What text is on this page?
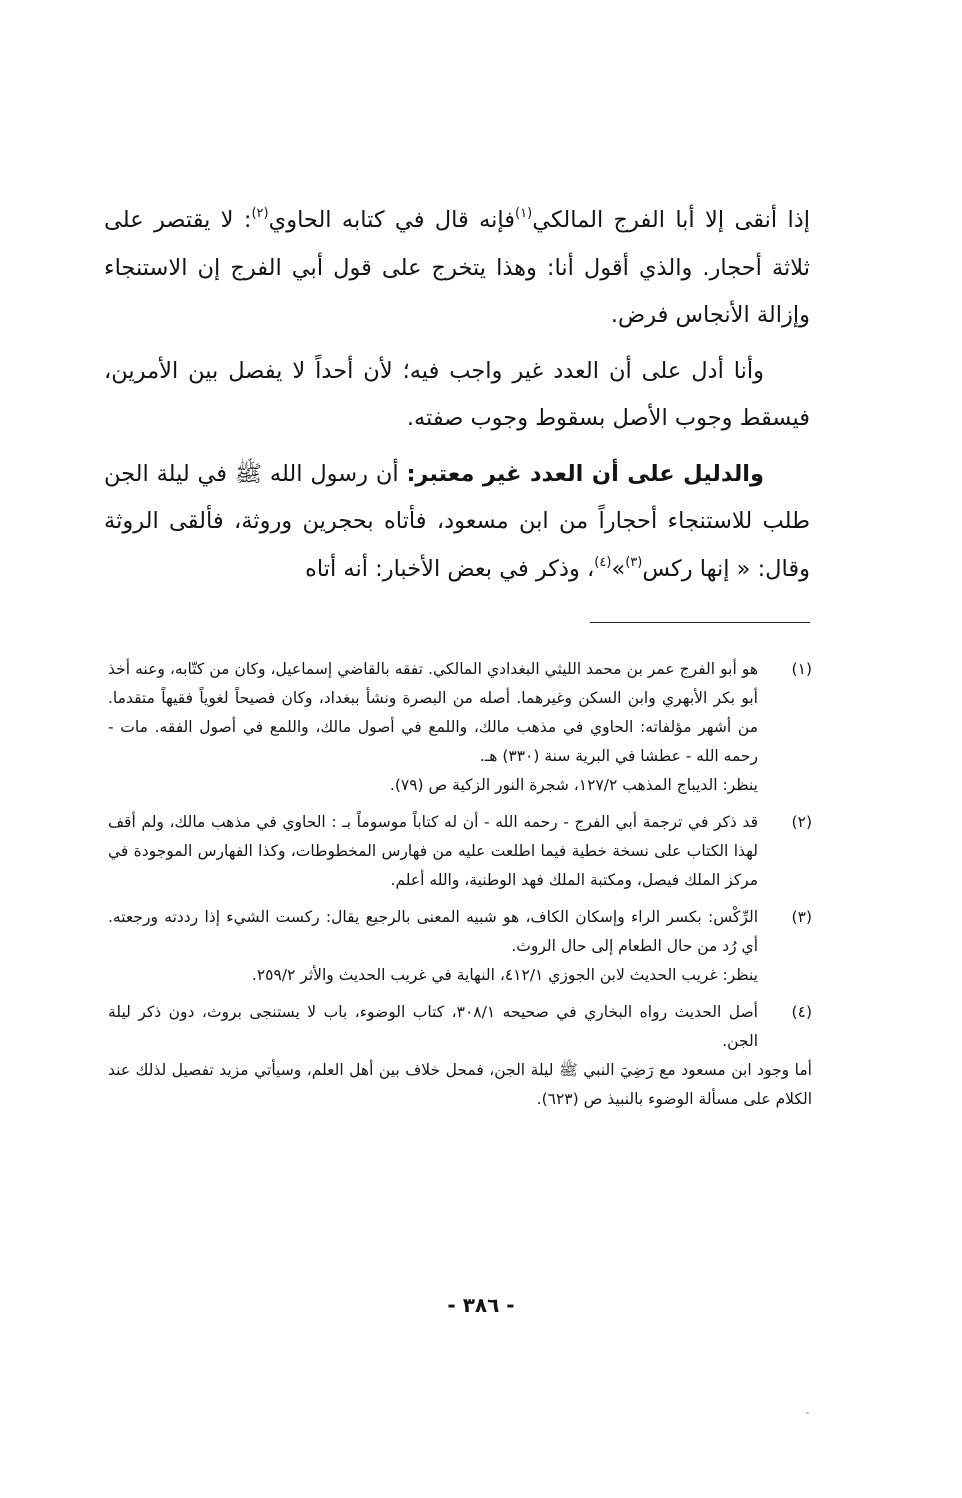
إذا أنقى إلا أبا الفرج المالكي$^{(١)}$فإنه قال في كتابه الحاوي$^{(٢)}$: لا يقتصر على ثلاثة أحجار. والذي أقول أنا: وهذا يتخرج على قول أبي الفرج إن الاستنجاء وإزالة الأنجاس فرض.

وأنا أدل على أن العدد غير واجب فيه؛ لأن أحداً لا يفصل بين الأمرين، فيسقط وجوب الأصل بسقوط وجوب صفته.

والدليل على أن العدد غير معتبر: أن رسول الله ﷺ في ليلة الجن طلب للاستنجاء أحجاراً من ابن مسعود، فأتاه بحجرين وروثة، فألقى الروثة وقال: « إنها ركس$^{(٣)}$»$^{(٤)}$، وذكر في بعض الأخبار: أنه أتاه

(١)

هو أبو الفرج عمر بن محمد الليثي البغدادي المالكي. تفقه بالقاضي إسماعيل، وكان من كتّابه، وعنه أخذ أبو بكر الأبهري وابن السكن وغيرهما. أصله من البصرة ونشأ ببغداد، وكان فصيحاً لغوياً فقيهاً متقدما. من أشهر مؤلفاته: الحاوي في مذهب مالك، واللمع في أصول مالك، واللمع في أصول الفقه. مات - رحمه الله - عطشا في البرية سنة (٣٣٠) هـ.

ينظر: الديباج المذهب ١٢٧/٢، شجرة النور الزكية ص (٧٩).

(٢)

قد ذكر في ترجمة أبي الفرج - رحمه الله - أن له كتاباً موسوماً بـ : الحاوي في مذهب مالك، ولم أقف لهذا الكتاب على نسخة خطية فيما اطلعت عليه من فهارس المخطوطات، وكذا الفهارس الموجودة في مركز الملك فيصل، ومكتبة الملك فهد الوطنية، والله أعلم.

(٣)

الرِّكْس: بكسر الراء وإسكان الكاف، هو شبيه المعنى بالرجيع يقال: ركست الشيء إذا رددته ورجعته. أي رُد من حال الطعام إلى حال الروث.

ينظر: غريب الحديث لابن الجوزي ٤١٢/١، النهاية في غريب الحديث والأثر ٢٥٩/٢.

(٤)

أصل الحديث رواه البخاري في صحيحه ٣٠٨/١، كتاب الوضوء، باب لا يستنجى بروث، دون ذكر ليلة الجن.

أما وجود ابن مسعود مع رَضِيَ النبي ﷺ ليلة الجن، فمحل خلاف بين أهل العلم، وسيأتي مزيد تفصيل لذلك عند الكلام على مسألة الوضوء بالنبيذ ص (٦٢٣).

- ٣٨٦ -
